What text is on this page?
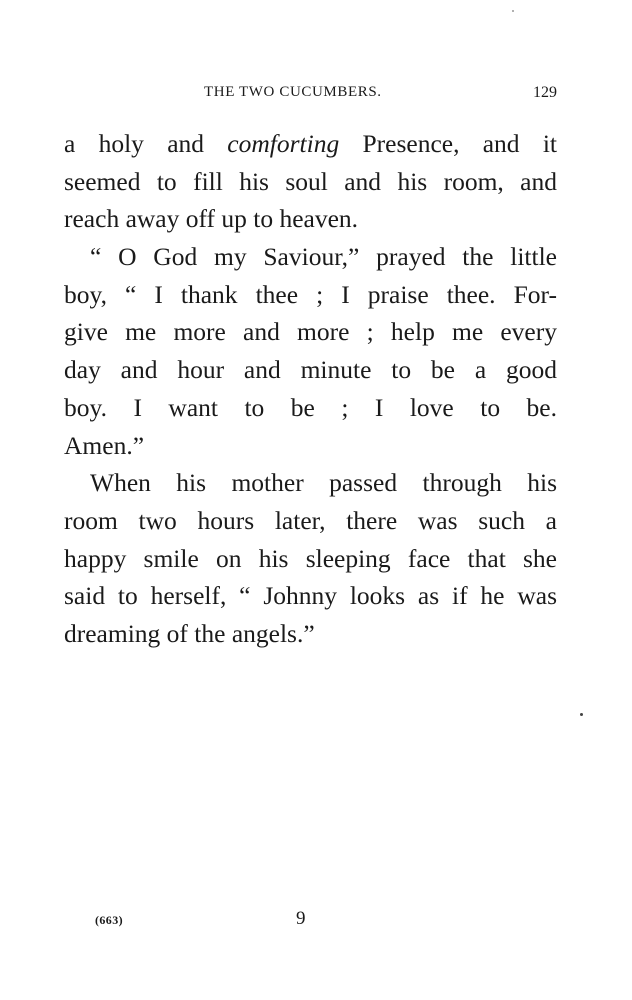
THE TWO CUCUMBERS.	129
a holy and comforting Presence, and it
seemed to fill his soul and his room, and
reach away off up to heaven.
“ O God my Saviour,” prayed the little
boy, “ I thank thee ; I praise thee. For-
give me more and more ; help me every
day and hour and minute to be a good
boy. I want to be ; I love to be.
Amen.”
When his mother passed through his
room two hours later, there was such a
happy smile on his sleeping face that she
said to herself, “ Johnny looks as if he was
dreaming of the angels.”
(663)	9
